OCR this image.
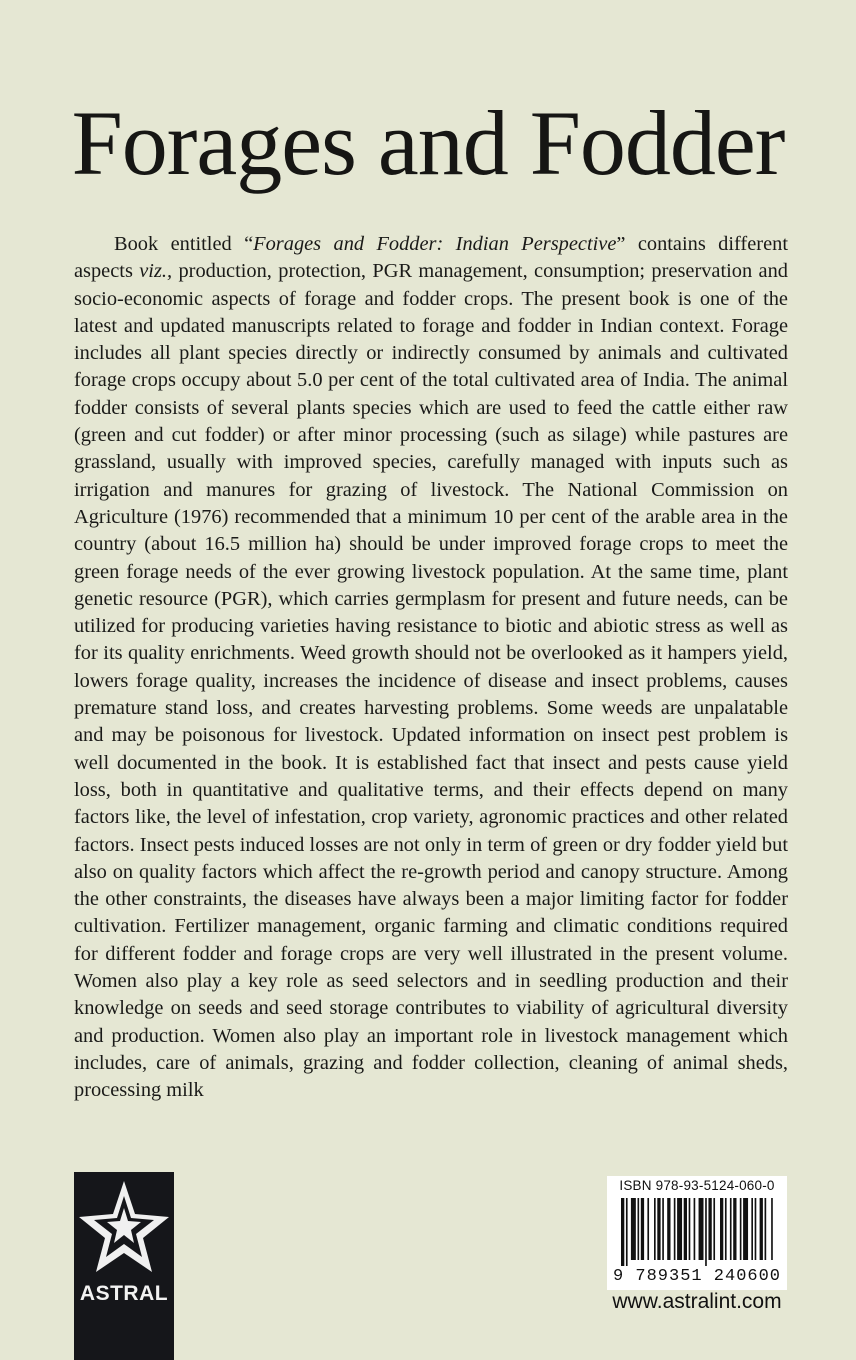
Forages and Fodder

Book entitled “Forages and Fodder: Indian Perspective” contains different aspects viz., production, protection, PGR management, consumption; preservation and socio-economic aspects of forage and fodder crops. The present book is one of the latest and updated manuscripts related to forage and fodder in Indian context. Forage includes all plant species directly or indirectly consumed by animals and cultivated forage crops occupy about 5.0 per cent of the total cultivated area of India. The animal fodder consists of several plants species which are used to feed the cattle either raw (green and cut fodder) or after minor processing (such as silage) while pastures are grassland, usually with improved species, carefully managed with inputs such as irrigation and manures for grazing of livestock. The National Commission on Agriculture (1976) recommended that a minimum 10 per cent of the arable area in the country (about 16.5 million ha) should be under improved forage crops to meet the green forage needs of the ever growing livestock population. At the same time, plant genetic resource (PGR), which carries germplasm for present and future needs, can be utilized for producing varieties having resistance to biotic and abiotic stress as well as for its quality enrichments. Weed growth should not be overlooked as it hampers yield, lowers forage quality, increases the incidence of disease and insect problems, causes premature stand loss, and creates harvesting problems. Some weeds are unpalatable and may be poisonous for livestock. Updated information on insect pest problem is well documented in the book. It is established fact that insect and pests cause yield loss, both in quantitative and qualitative terms, and their effects depend on many factors like, the level of infestation, crop variety, agronomic practices and other related factors. Insect pests induced losses are not only in term of green or dry fodder yield but also on quality factors which affect the re-growth period and canopy structure. Among the other constraints, the diseases have always been a major limiting factor for fodder cultivation. Fertilizer management, organic farming and climatic conditions required for different fodder and forage crops are very well illustrated in the present volume. Women also play a key role as seed selectors and in seedling production and their knowledge on seeds and seed storage contributes to viability of agricultural diversity and production. Women also play an important role in livestock management which includes, care of animals, grazing and fodder collection, cleaning of animal sheds, processing milk

ASTRAL
ISBN 978-93-5124-060-0
9 789351 240600
www.astralint.com
